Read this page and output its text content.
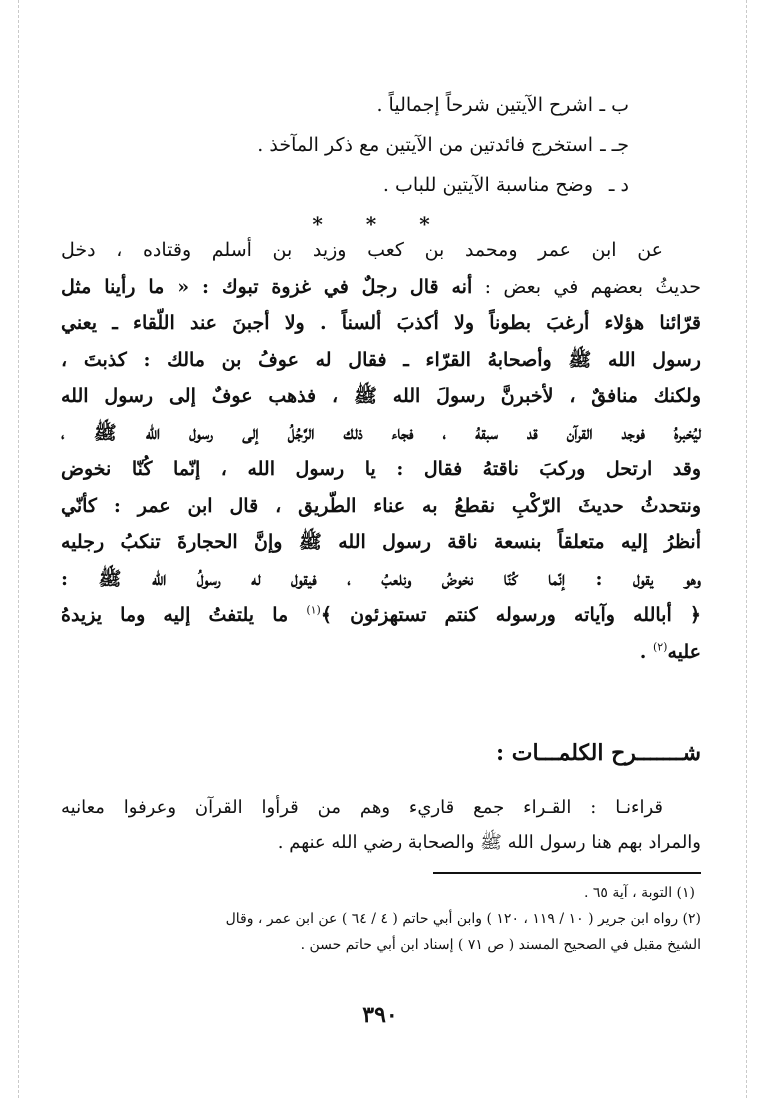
ب ـاشرح الآيتين شرحاً إجمالياً .
جـ ـاستخرج فائدتين من الآيتين مع ذكر المآخذ .
د ـوضح مناسبة الآيتين للباب .
* * *
عن ابن عمر ومحمد بن كعب وزيد بن أسلم وقتاده ، دخل
حديثُ بعضهم في بعض : أنه قال رجلٌ في غزوة تبوك : « ما رأينا مثل
قرّائنا هؤلاء أرغبَ بطوناً ولا أكذبَ ألسناً . ولا أجبنَ عند اللّقاء ـ يعني
رسول الله ﷺ وأصحابهُ القرّاء ـ فقال له عوفُ بن مالك : كذبتَ ،
ولكنك منافقٌ ، لأخبرنَّ رسولَ الله ﷺ ، فذهب عوفٌ إلى رسول الله
ليُخبرهُ فوجد القرآن قد سبقهُ ، فجاء ذلك الرَّجُلُ إلى رسول الله ﷺ ،
وقد ارتحل وركبَ ناقتهُ فقال : يا رسول الله ، إنّما كُنّا نخوض
ونتحدثُ حديثَ الرّكْبِ نقطعُ به عناء الطّريق ، قال ابن عمر : كأنّي
أنظرُ إليه متعلقاً بنسعة ناقة رسول الله ﷺ وإنَّ الحجارةَ تنكبُ رجليه
وهو يقول : إنّما كُنّا نخوضُ ونلعبُ ، فيقول له رسولُ الله ﷺ :
﴿ أبالله وآياته ورسوله كنتم تستهزئون ﴾$^{(١)}$ ما يلتفتُ إليه وما يزيدهُ
عليه$^{(٢)}$ .
شـــــــرح الكلمـــات :
قراءنـا : القـراء جمع قاريء وهم من قرأوا القرآن وعرفوا معانيه
والمراد بهم هنا رسول الله ﷺ والصحابة رضي الله عنهم .
(١) التوبة ، آية ٦٥ .
(٢) رواه ابن جرير ( ١٠ / ١١٩ ، ١٢٠ ) وابن أبي حاتم ( ٤ / ٦٤ ) عن ابن عمر ، وقال
الشيخ مقبل في الصحيح المسند ( ص ٧١ ) إسناد ابن أبي حاتم حسن .
٣٩٠
